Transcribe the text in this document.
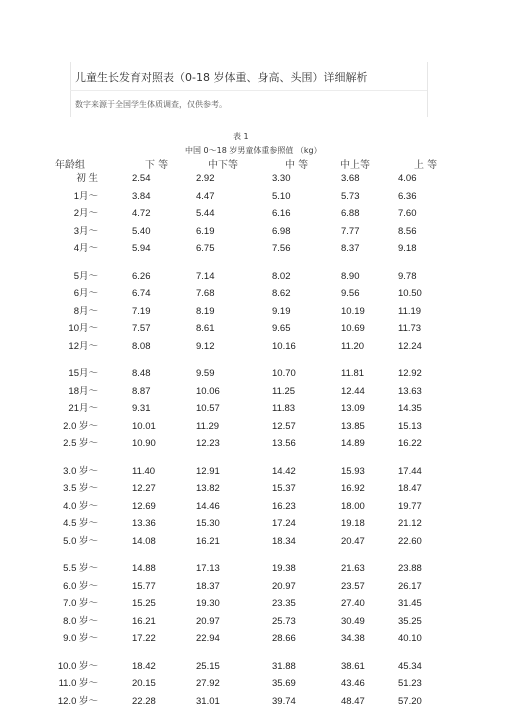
儿童生长发育对照表（0-18 岁体重、身高、头围）详细解析
数字来源于全国学生体质调查，仅供参考。
表 1
中国 0～18 岁男童体重参照值 （kg）
年龄组	下 等	中下等	中 等	中上等	上 等
初 生	2.54	2.92	3.30	3.68	4.06
1月～	3.84	4.47	5.10	5.73	6.36
2月～	4.72	5.44	6.16	6.88	7.60
3月～	5.40	6.19	6.98	7.77	8.56
4月～	5.94	6.75	7.56	8.37	9.18
5月～	6.26	7.14	8.02	8.90	9.78
6月～	6.74	7.68	8.62	9.56	10.50
8月～	7.19	8.19	9.19	10.19	11.19
10月～	7.57	8.61	9.65	10.69	11.73
12月～	8.08	9.12	10.16	11.20	12.24
15月～	8.48	9.59	10.70	11.81	12.92
18月～	8.87	10.06	11.25	12.44	13.63
21月～	9.31	10.57	11.83	13.09	14.35
2.0 岁～	10.01	11.29	12.57	13.85	15.13
2.5 岁～	10.90	12.23	13.56	14.89	16.22
3.0 岁～	11.40	12.91	14.42	15.93	17.44
3.5 岁～	12.27	13.82	15.37	16.92	18.47
4.0 岁～	12.69	14.46	16.23	18.00	19.77
4.5 岁～	13.36	15.30	17.24	19.18	21.12
5.0 岁～	14.08	16.21	18.34	20.47	22.60
5.5 岁～	14.88	17.13	19.38	21.63	23.88
6.0 岁～	15.77	18.37	20.97	23.57	26.17
7.0 岁～	15.25	19.30	23.35	27.40	31.45
8.0 岁～	16.21	20.97	25.73	30.49	35.25
9.0 岁～	17.22	22.94	28.66	34.38	40.10
10.0 岁～	18.42	25.15	31.88	38.61	45.34
11.0 岁～	20.15	27.92	35.69	43.46	51.23
12.0 岁～	22.28	31.01	39.74	48.47	57.20
